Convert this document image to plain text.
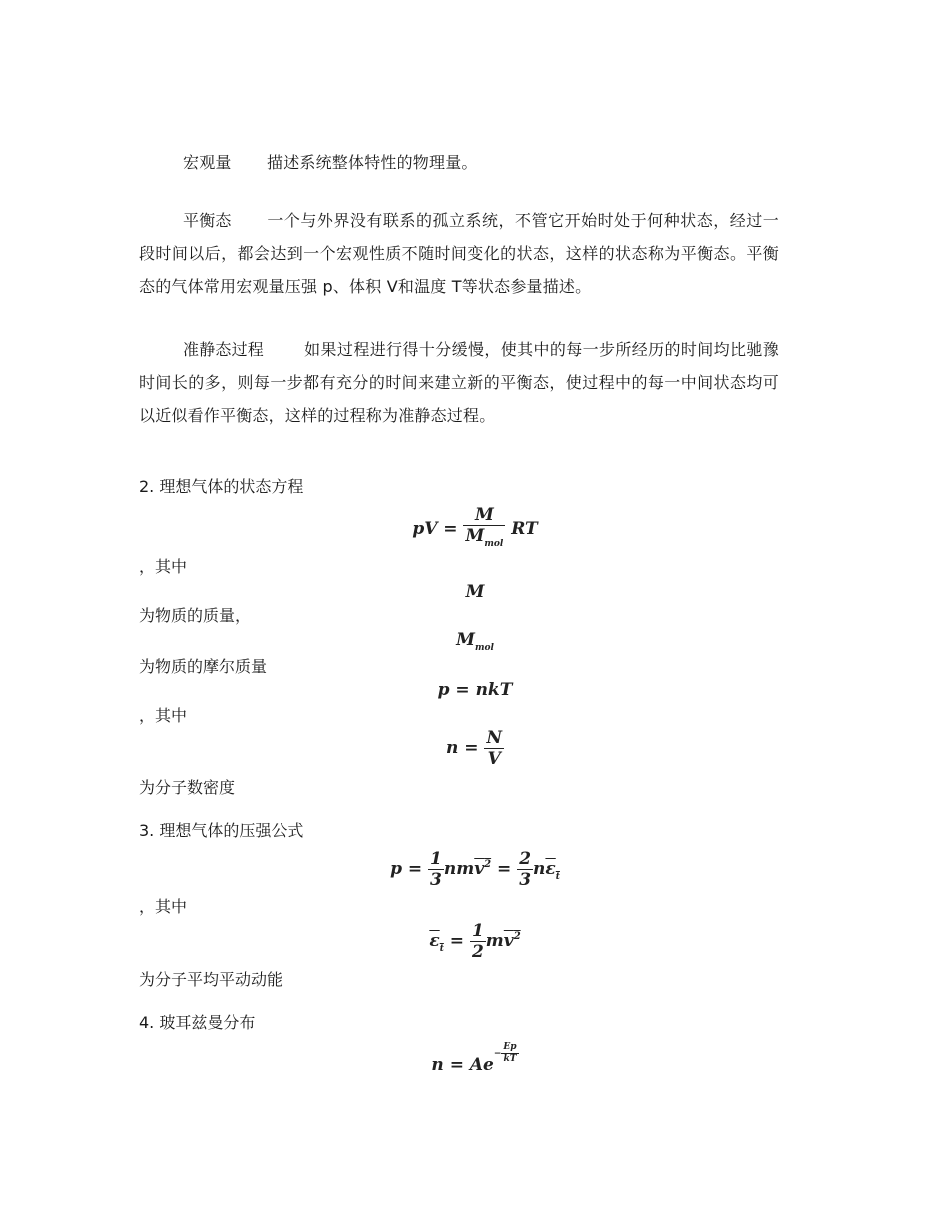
宏观量 描述系统整体特性的物理量。
平衡态 一个与外界没有联系的孤立系统，不管它开始时处于何种状态，经过一段时间以后，都会达到一个宏观性质不随时间变化的状态，这样的状态称为平衡态。平衡态的气体常用宏观量压强 p、体积 V和温度 T等状态参量描述。
准静态过程 如果过程进行得十分缓慢，使其中的每一步所经历的时间均比驰豫时间长的多，则每一步都有充分的时间来建立新的平衡态，使过程中的每一中间状态均可以近似看作平衡态，这样的过程称为准静态过程。
2. 理想气体的状态方程
pV = $\frac{M}{M_{mol}}$ RT
，其中
M
为物质的质量，
$M_{mol}$
为物质的摩尔质量
p = nkT
，其中
$n = \frac{N}{V}$
为分子数密度
3. 理想气体的压强公式
$p = \frac{1}{3} nmv^2 = \frac{2}{3} n\varepsilon_t$
，其中
$\varepsilon_t = \frac{1}{2} mv^2$
为分子平均平动动能
4. 玻耳兹曼分布
$n = Ae- \frac{Ep}{kT}$
